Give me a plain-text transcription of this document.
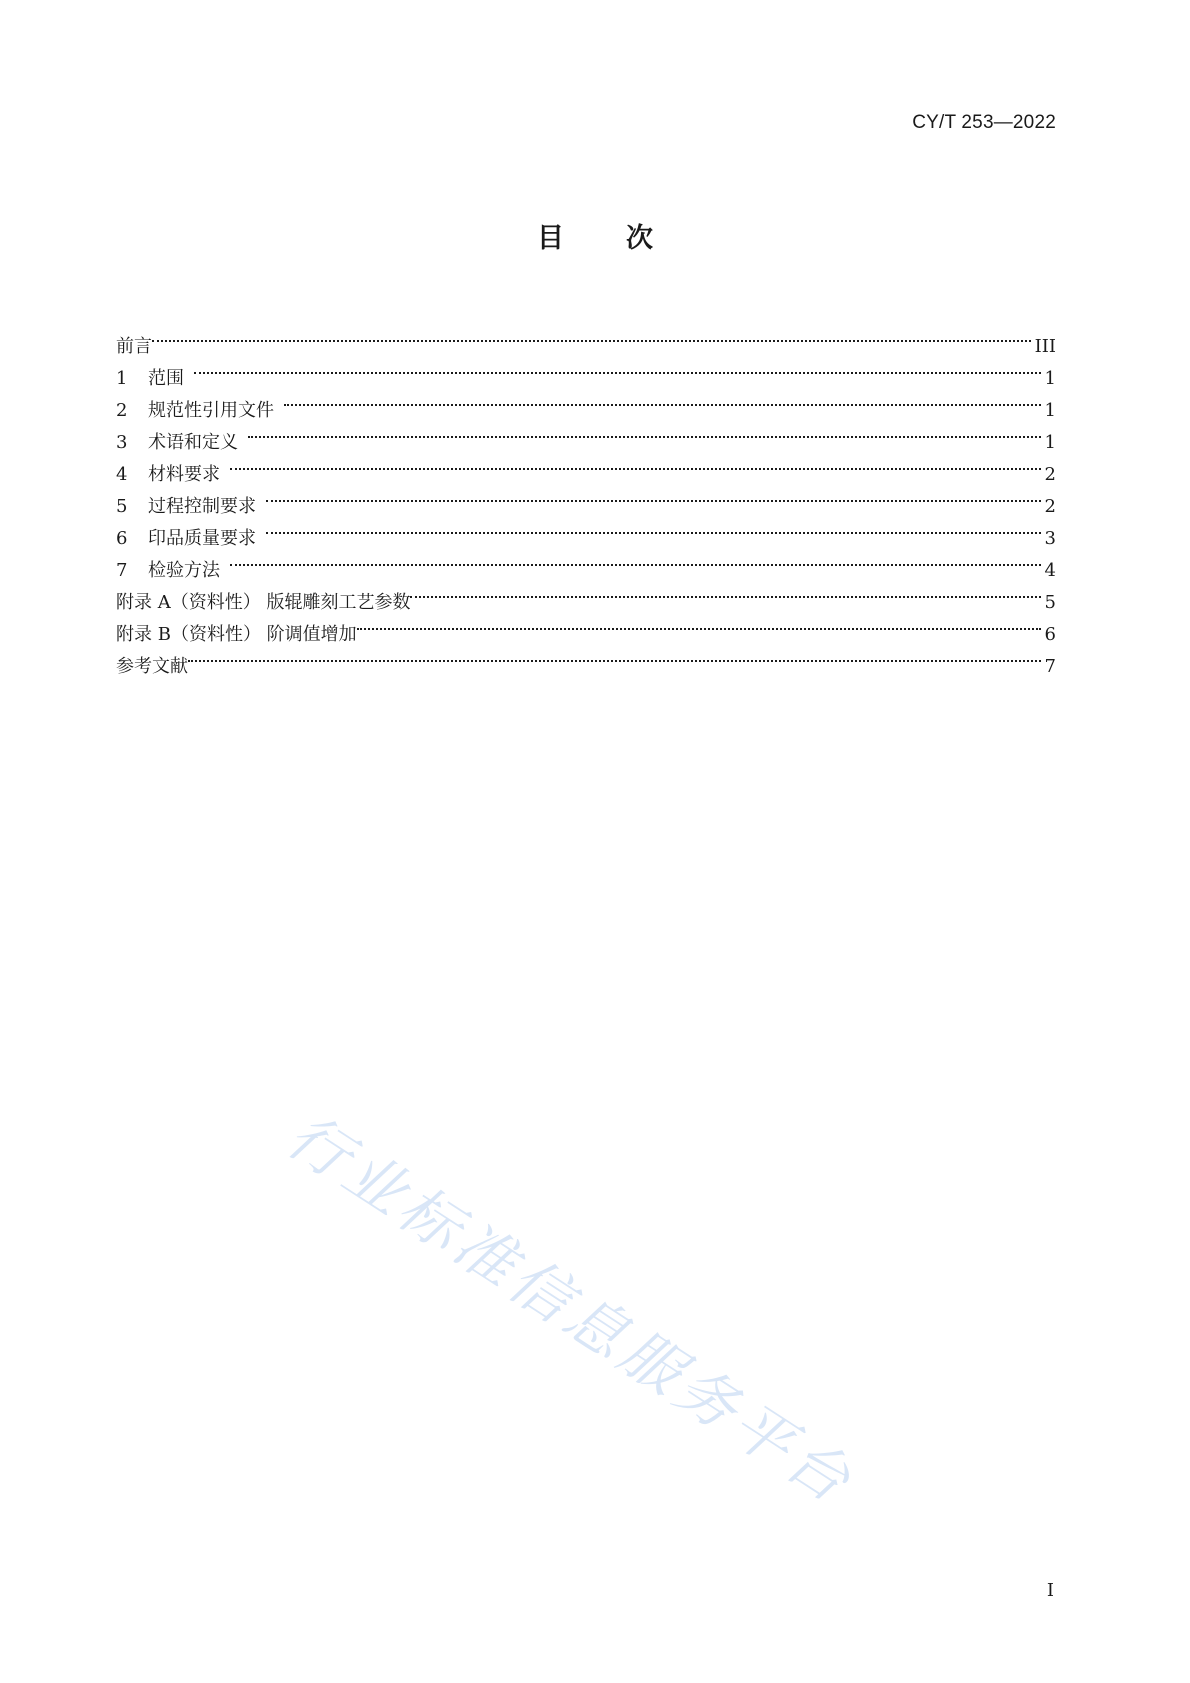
CY/T 253—2022
目 次
前言	III
1	范围	1
2	规范性引用文件	1
3	术语和定义	1
4	材料要求	2
5	过程控制要求	2
6	印品质量要求	3
7	检验方法	4
附录 A（资料性） 版辊雕刻工艺参数	5
附录 B（资料性） 阶调值增加	6
参考文献	7
行业标准信息服务平台
I
